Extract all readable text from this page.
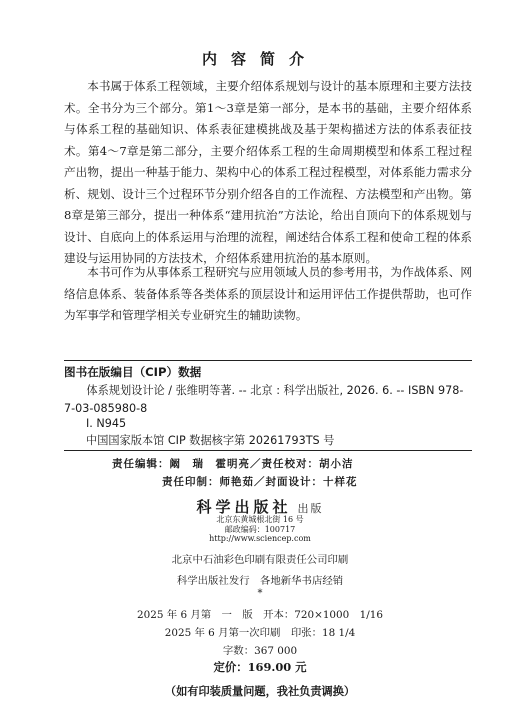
内容简介

本书属于体系工程领域，主要介绍体系规划与设计的基本原理和主要方法技术。全书分为三个部分。第1～3章是第一部分，是本书的基础，主要介绍体系与体系工程的基础知识、体系表征建模挑战及基于架构描述方法的体系表征技术。第4～7章是第二部分，主要介绍体系工程的生命周期模型和体系工程过程产出物，提出一种基于能力、架构中心的体系工程过程模型，对体系能力需求分析、规划、设计三个过程环节分别介绍各自的工作流程、方法模型和产出物。第8章是第三部分，提出一种体系“建用抗治”方法论，给出自顶向下的体系规划与设计、自底向上的体系运用与治理的流程，阐述结合体系工程和使命工程的体系建设与运用协同的方法技术，介绍体系建用抗治的基本原则。

本书可作为从事体系工程研究与应用领域人员的参考用书，为作战体系、网络信息体系、装备体系等各类体系的顶层设计和运用评估工作提供帮助，也可作为军事学和管理学相关专业研究生的辅助读物。

图书在版编目（CIP）数据
体系规划设计论 / 张维明等著. -- 北京 : 科学出版社, 2026. 6. -- ISBN 978-7-03-085980-8
Ⅰ. N945
中国国家版本馆 CIP 数据核字第 20261793TS 号
责任编辑：阚　瑞　霍明亮／责任校对：胡小洁
责任印制：师艳茹／封面设计：十样花
科学出版社 出版
北京东黄城根北街 16 号
邮政编码：100717
http://www.sciencep.com
北京中石油彩色印刷有限责任公司印刷
科学出版社发行　各地新华书店经销
*
2025 年 6 月第　一　版　开本：720×1000　1/16
2025 年 6 月第一次印刷　印张：18 1/4
字数：367 000
定价：169.00 元
（如有印装质量问题，我社负责调换）
